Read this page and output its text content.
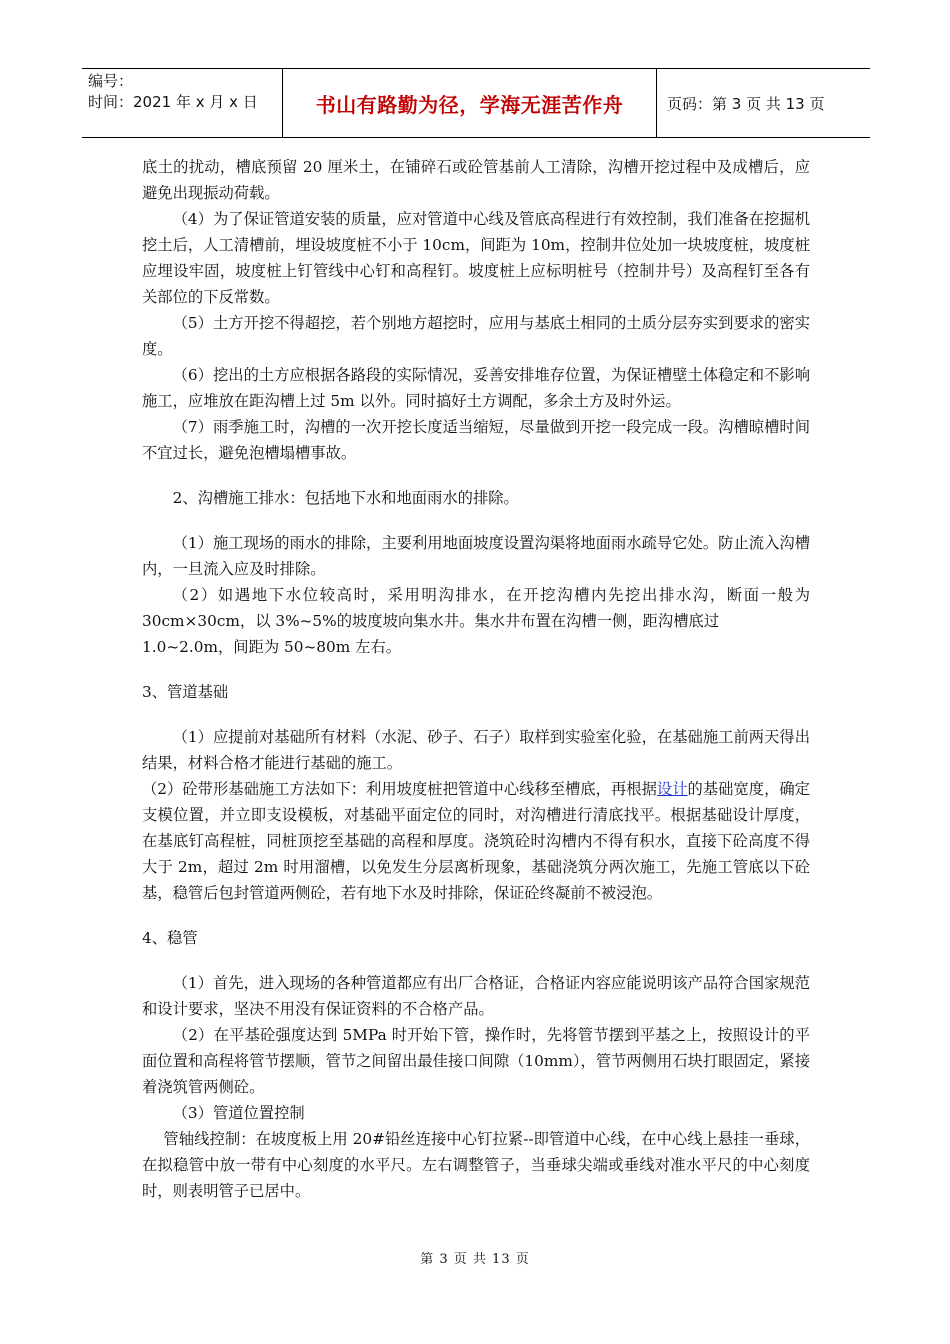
编号：
时间：2021 年 x 月 x 日	书山有路勤为径，学海无涯苦作舟	页码：第 3 页 共 13 页

底土的扰动，槽底预留 20 厘米土，在铺碎石或砼管基前人工清除，沟槽开挖过程中及成槽后，应避免出现振动荷载。

（4）为了保证管道安装的质量，应对管道中心线及管底高程进行有效控制，我们准备在挖掘机挖土后，人工清槽前，埋设坡度桩不小于 10cm，间距为 10m，控制井位处加一块坡度桩，坡度桩应埋设牢固，坡度桩上钉管线中心钉和高程钉。坡度桩上应标明桩号（控制井号）及高程钉至各有关部位的下反常数。

（5）土方开挖不得超挖，若个别地方超挖时，应用与基底土相同的土质分层夯实到要求的密实度。

（6）挖出的土方应根据各路段的实际情况，妥善安排堆存位置，为保证槽壁土体稳定和不影响施工，应堆放在距沟槽上过 5m 以外。同时搞好土方调配，多余土方及时外运。

（7）雨季施工时，沟槽的一次开挖长度适当缩短，尽量做到开挖一段完成一段。沟槽晾槽时间不宜过长，避免泡槽塌槽事故。

2、沟槽施工排水：包括地下水和地面雨水的排除。

（1）施工现场的雨水的排除，主要利用地面坡度设置沟渠将地面雨水疏导它处。防止流入沟槽内，一旦流入应及时排除。

（2）如遇地下水位较高时，采用明沟排水，在开挖沟槽内先挖出排水沟，断面一般为 30cm×30cm，以 3%~5%的坡度坡向集水井。集水井布置在沟槽一侧，距沟槽底过

1.0~2.0m，间距为 50~80m 左右。

3、管道基础

（1）应提前对基础所有材料（水泥、砂子、石子）取样到实验室化验，在基础施工前两天得出结果，材料合格才能进行基础的施工。

（2）砼带形基础施工方法如下：利用坡度桩把管道中心线移至槽底，再根据设计的基础宽度，确定支模位置，并立即支设模板，对基础平面定位的同时，对沟槽进行清底找平。根据基础设计厚度，在基底钉高程桩，同桩顶挖至基础的高程和厚度。浇筑砼时沟槽内不得有积水，直接下砼高度不得大于 2m，超过 2m 时用溜槽，以免发生分层离析现象，基础浇筑分两次施工，先施工管底以下砼基，稳管后包封管道两侧砼，若有地下水及时排除，保证砼终凝前不被浸泡。

4、稳管

（1）首先，进入现场的各种管道都应有出厂合格证，合格证内容应能说明该产品符合国家规范和设计要求，坚决不用没有保证资料的不合格产品。

（2）在平基砼强度达到 5MPa 时开始下管，操作时，先将管节摆到平基之上，按照设计的平面位置和高程将管节摆顺，管节之间留出最佳接口间隙（10mm），管节两侧用石块打眼固定，紧接着浇筑管两侧砼。

（3）管道位置控制

管轴线控制：在坡度板上用 20#铅丝连接中心钉拉紧--即管道中心线，在中心线上悬挂一垂球，在拟稳管中放一带有中心刻度的水平尺。左右调整管子，当垂球尖端或垂线对准水平尺的中心刻度时，则表明管子已居中。

第 3 页 共 13 页
